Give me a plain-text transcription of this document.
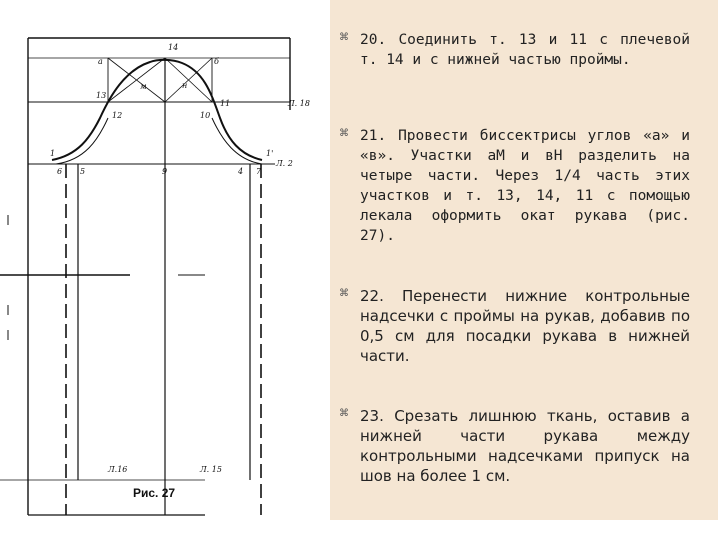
14
а	б
13
11
м	н
12	10
Л. 18
Л. 2
1
6 5	9	4 7
1'
Л.16	Л. 15
Рис. 27
⌘ 20. Соединить т. 13 и 11 с плечевой т. 14 и с нижней частью проймы.
⌘ 21. Провести биссектрисы углов «а» и «в». Участки аМ и вН разделить на четыре части. Через 1/4 часть этих участков и т. 13, 14, 11 с помощью лекала оформить окат рукава (рис. 27).
⌘ 22. Перенести нижние контрольные надсечки с проймы на рукав, добавив по 0,5 см для посадки рукава в нижней части.
⌘ 23. Срезать лишнюю ткань, оставив а нижней части рукава между контрольными надсечками припуск на шов на более 1 см.
